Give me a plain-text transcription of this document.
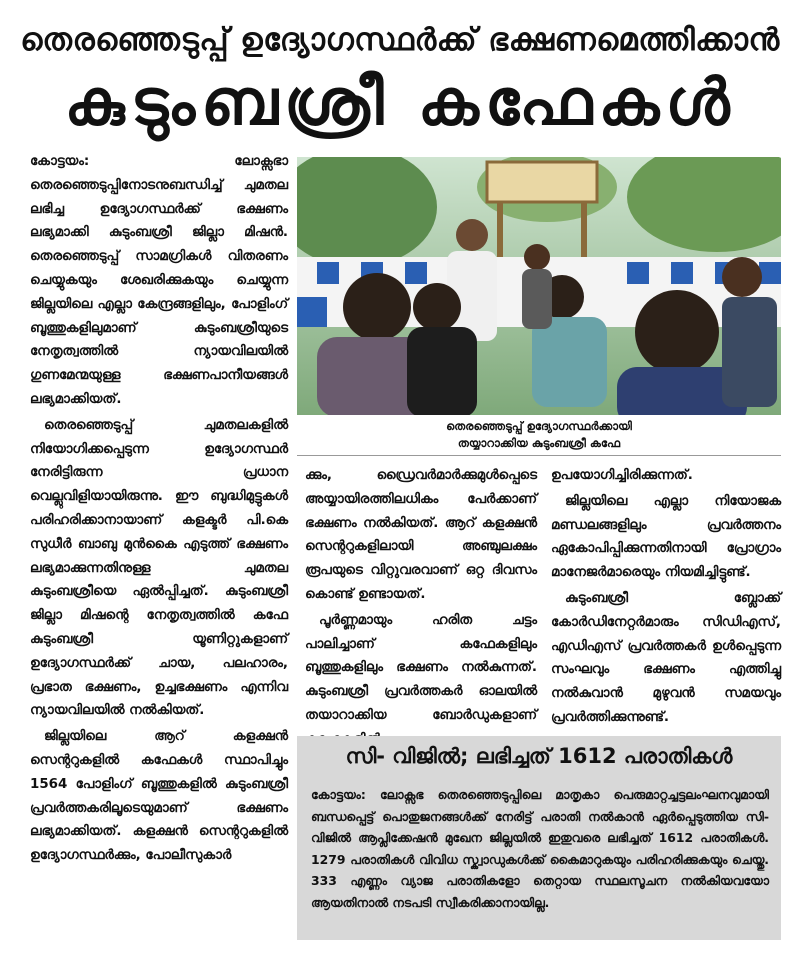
തെരഞ്ഞെടുപ്പ് ഉദ്യോഗസ്ഥർക്ക് ഭക്ഷണമെത്തിക്കാൻ
കുടുംബശ്രീ കഫേകൾ

കോട്ടയം: ലോക്സഭാ തെരഞ്ഞെടുപ്പിനോടനുബന്ധിച്ച് ചുമതല ലഭിച്ച ഉദ്യോഗസ്ഥർക്ക് ഭക്ഷണം ലഭ്യമാക്കി കുടുംബശ്രീ ജില്ലാ മിഷൻ. തെരഞ്ഞെടുപ്പ് സാമഗ്രികൾ വിതരണം ചെയ്യുകയും ശേഖരിക്കുകയും ചെയ്യുന്ന ജില്ലയിലെ എല്ലാ കേന്ദ്രങ്ങളിലും, പോളിംഗ് ബൂത്തുകളിലുമാണ് കുടുംബശ്രീയുടെ നേതൃത്വത്തിൽ ന്യായവിലയിൽ ഗുണമേന്മയുള്ള ഭക്ഷണപാനീയങ്ങൾ ലഭ്യമാക്കിയത്.

തെരഞ്ഞെടുപ്പ് ചുമതലകളിൽ നിയോഗിക്കപ്പെടുന്ന ഉദ്യോഗസ്ഥർ നേരിട്ടിരുന്ന പ്രധാന വെല്ലുവിളിയായിരുന്നു. ഈ ബുദ്ധിമുട്ടുകൾ പരിഹരിക്കാനായാണ് കളക്ടർ പി.കെ സുധീർ ബാബു മുൻകൈ എടുത്ത് ഭക്ഷണം ലഭ്യമാക്കുന്നതിനുള്ള ചുമതല കുടുംബശ്രീയെ ഏൽപ്പിച്ചത്. കുടുംബശ്രീ ജില്ലാ മിഷന്റെ നേതൃത്വത്തിൽ കഫേ കുടുംബശ്രീ യൂണിറ്റുകളാണ് ഉദ്യോഗസ്ഥർക്ക് ചായ, പലഹാരം, പ്രഭാത ഭക്ഷണം, ഉച്ചഭക്ഷണം എന്നിവ ന്യായവിലയിൽ നൽകിയത്.

ജില്ലയിലെ ആറ് കളക്ഷൻ സെന്ററുകളിൽ കഫേകൾ സ്ഥാപിച്ചും 1564 പോളിംഗ് ബൂത്തുകളിൽ കുടുംബശ്രീ പ്രവർത്തകരിലൂടെയുമാണ് ഭക്ഷണം ലഭ്യമാക്കിയത്. കളക്ഷൻ സെന്ററുകളിൽ ഉദ്യോഗസ്ഥർക്കും, പോലീസുകാർ

തെരഞ്ഞെടുപ്പ് ഉദ്യോഗസ്ഥർക്കായി
തയ്യാറാക്കിയ കുടുംബശ്രീ കഫേ

ക്കും, ഡ്രൈവർമാർക്കുമുൾപ്പെടെ അയ്യായിരത്തിലധികം പേർക്കാണ് ഭക്ഷണം നൽകിയത്. ആറ് കളക്ഷൻ സെന്ററുകളിലായി അഞ്ചുലക്ഷം രൂപയുടെ വിറ്റുവരവാണ് ഒറ്റ ദിവസം കൊണ്ട് ഉണ്ടായത്.

പൂർണ്ണമായും ഹരിത ചട്ടം പാലിച്ചാണ് കഫേകളിലും ബൂത്തുകളിലും ഭക്ഷണം നൽകുന്നത്. കുടുംബശ്രീ പ്രവർത്തകർ ഓലയിൽ തയാറാക്കിയ ബോർഡുകളാണ്

ഉപയോഗിച്ചിരിക്കുന്നത്.

ജില്ലയിലെ എല്ലാ നിയോജക മണ്ഡലങ്ങളിലും പ്രവർത്തനം ഏകോപിപ്പിക്കുന്നതിനായി പ്രോഗ്രാം മാനേജർമാരെയും നിയമിച്ചിട്ടുണ്ട്.

കുടുംബശ്രീ ബ്ലോക്ക് കോർഡിനേറ്റർമാരും സിഡിഎസ്, എഡിഎസ് പ്രവർത്തകർ ഉൾപ്പെടുന്ന സംഘവും ഭക്ഷണം എത്തിച്ചു നൽകുവാൻ മുഴുവൻ സമയവും പ്രവർത്തിക്കുന്നുണ്ട്.

സി- വിജിൽ; ലഭിച്ചത് 1612 പരാതികൾ
കോട്ടയം: ലോക്സഭ തെരഞ്ഞെടുപ്പിലെ മാതൃകാ പെരുമാറ്റച്ചട്ടലംഘനവുമായി ബന്ധപ്പെട്ട് പൊതുജനങ്ങൾക്ക് നേരിട്ട് പരാതി നൽകാൻ ഏർപ്പെടുത്തിയ സി-വിജിൽ ആപ്ലിക്കേഷൻ മുഖേന ജില്ലയിൽ ഇതുവരെ ലഭിച്ചത് 1612 പരാതികൾ. 1279 പരാതികൾ വിവിധ സ്ക്വാഡുകൾക്ക് കൈമാറുകയും പരിഹരിക്കുകയും ചെയ്തു. 333 എണ്ണം വ്യാജ പരാതികളോ തെറ്റായ സ്ഥലസൂചന നൽകിയവയോ ആയതിനാൽ നടപടി സ്വീകരിക്കാനായില്ല.
